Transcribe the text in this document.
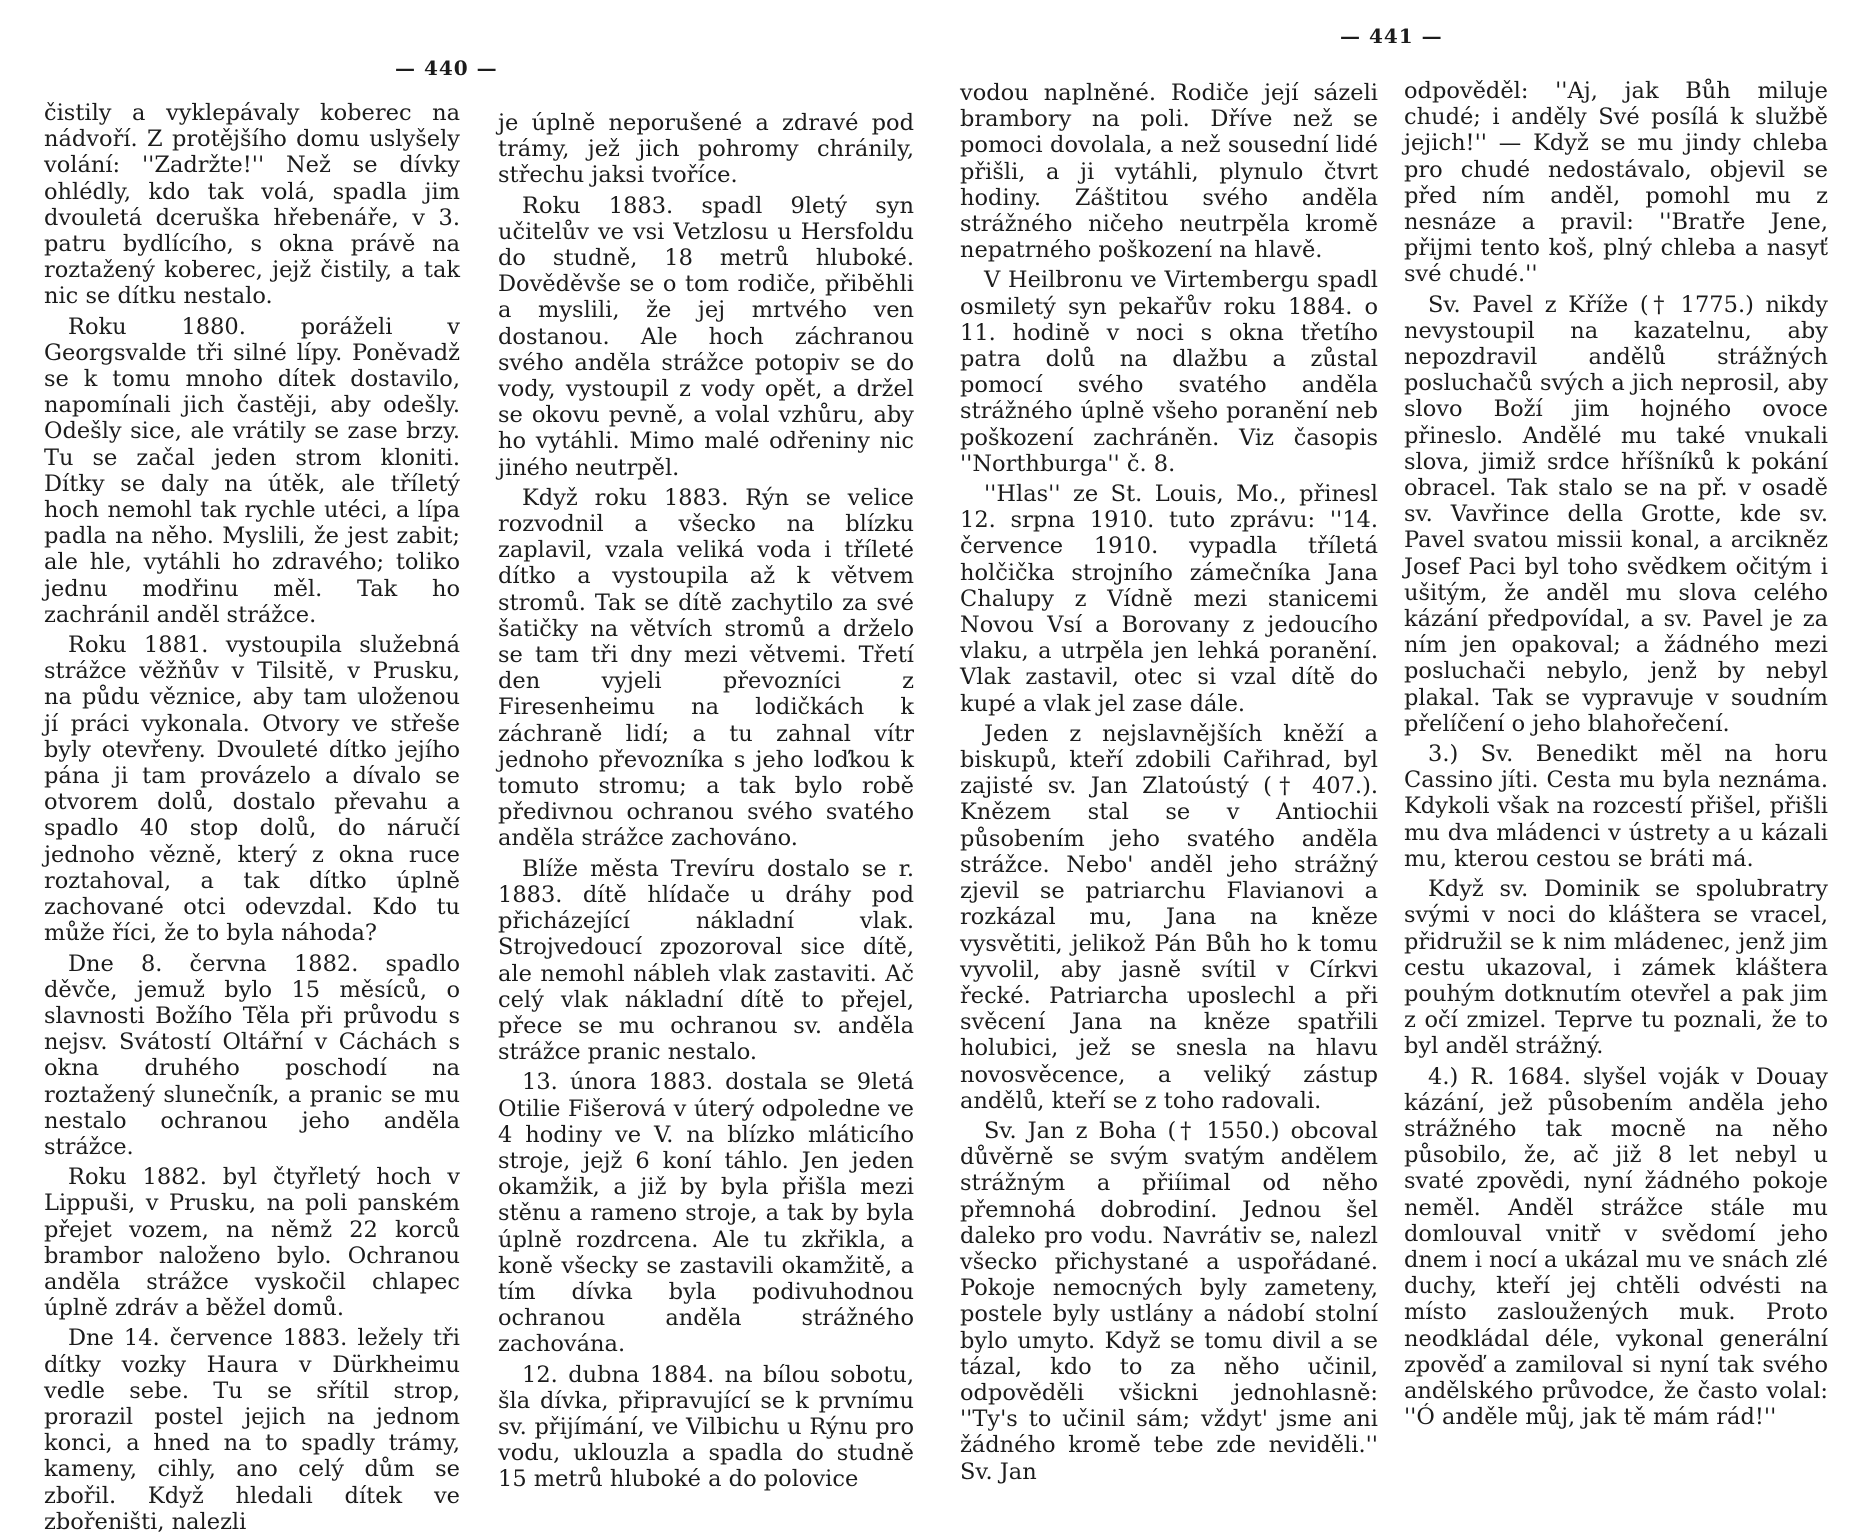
— 440 —
— 441 —

čistily a vyklepávaly koberec na nádvoří. Z protějšího domu uslyšely volání: ''Zadržte!'' Než se dívky ohlédly, kdo tak volá, spadla jim dvouletá dceruška hřebenáře, v 3. patru bydlícího, s okna právě na roztažený koberec, jejž čistily, a tak nic se dítku nestalo.

Roku 1880. poráželi v Georgsvalde tři silné lípy. Poněvadž se k tomu mnoho dítek dostavilo, napomínali jich častěji, aby odešly. Odešly sice, ale vrátily se zase brzy. Tu se začal jeden strom kloniti. Dítky se daly na útěk, ale tříletý hoch nemohl tak rychle utéci, a lípa padla na něho. Myslili, že jest zabit; ale hle, vytáhli ho zdravého; toliko jednu modřinu měl. Tak ho zachránil anděl strážce.

Roku 1881. vystoupila služebná strážce věžňův v Tilsitě, v Prusku, na půdu věznice, aby tam uloženou jí práci vykonala. Otvory ve střeše byly otevřeny. Dvouleté dítko jejího pána ji tam provázelo a dívalo se otvorem dolů, dostalo převahu a spadlo 40 stop dolů, do náručí jednoho vězně, který z okna ruce roztahoval, a tak dítko úplně zachované otci odevzdal. Kdo tu může říci, že to byla náhoda?

Dne 8. června 1882. spadlo děvče, jemuž bylo 15 měsíců, o slavnosti Božího Těla při průvodu s nejsv. Svátostí Oltářní v Cáchách s okna druhého poschodí na roztažený slunečník, a pranic se mu nestalo ochranou jeho anděla strážce.

Roku 1882. byl čtyřletý hoch v Lippuši, v Prusku, na poli panském přejet vozem, na němž 22 korců brambor naloženo bylo. Ochranou anděla strážce vyskočil chlapec úplně zdráv a běžel domů.

Dne 14. července 1883. ležely tři dítky vozky Haura v Dürkheimu vedle sebe. Tu se sřítil strop, prorazil postel jejich na jednom konci, a hned na to spadly trámy, kameny, cihly, ano celý dům se zbořil. Když hledali dítek ve zbořeništi, nalezli

je úplně neporušené a zdravé pod trámy, jež jich pohromy chránily, střechu jaksi tvoříce.

Roku 1883. spadl 9letý syn učitelův ve vsi Vetzlosu u Hersfoldu do studně, 18 metrů hluboké. Dověděvše se o tom rodiče, přiběhli a myslili, že jej mrtvého ven dostanou. Ale hoch záchranou svého anděla strážce potopiv se do vody, vystoupil z vody opět, a držel se okovu pevně, a volal vzhůru, aby ho vytáhli. Mimo malé odřeniny nic jiného neutrpěl.

Když roku 1883. Rýn se velice rozvodnil a všecko na blízku zaplavil, vzala veliká voda i tříleté dítko a vystoupila až k větvem stromů. Tak se dítě zachytilo za své šatičky na větvích stromů a drželo se tam tři dny mezi větvemi. Třetí den vyjeli převozníci z Firesenheimu na lodičkách k záchraně lidí; a tu zahnal vítr jednoho převozníka s jeho loďkou k tomuto stromu; a tak bylo robě předivnou ochranou svého svatého anděla strážce zachováno.

Blíže města Trevíru dostalo se r. 1883. dítě hlídače u dráhy pod přicházející nákladní vlak. Strojvedoucí zpozoroval sice dítě, ale nemohl nábleh vlak zastaviti. Ač celý vlak nákladní dítě to přejel, přece se mu ochranou sv. anděla strážce pranic nestalo.

13. února 1883. dostala se 9letá Otilie Fišerová v úterý odpoledne ve 4 hodiny ve V. na blízko mláticího stroje, jejž 6 koní táhlo. Jen jeden okamžik, a již by byla přišla mezi stěnu a rameno stroje, a tak by byla úplně rozdrcena. Ale tu zkřikla, a koně všecky se zastavili okamžitě, a tím dívka byla podivuhodnou ochranou anděla strážného zachována.

12. dubna 1884. na bílou sobotu, šla dívka, připravující se k prvnímu sv. přijímání, ve Vilbichu u Rýnu pro vodu, uklouzla a spadla do studně 15 metrů hluboké a do polovice

vodou naplněné. Rodiče její sázeli brambory na poli. Dříve než se pomoci dovolala, a než sousední lidé přišli, a ji vytáhli, plynulo čtvrt hodiny. Záštitou svého anděla strážného ničeho neutrpěla kromě nepatrného poškození na hlavě.

V Heilbronu ve Virtembergu spadl osmiletý syn pekařův roku 1884. o 11. hodině v noci s okna třetího patra dolů na dlažbu a zůstal pomocí svého svatého anděla strážného úplně všeho poranění neb poškození zachráněn. Viz časopis ''Northburga'' č. 8.

''Hlas'' ze St. Louis, Mo., přinesl 12. srpna 1910. tuto zprávu: ''14. července 1910. vypadla tříletá holčička strojního zámečníka Jana Chalupy z Vídně mezi stanicemi Novou Vsí a Borovany z jedoucího vlaku, a utrpěla jen lehká poranění. Vlak zastavil, otec si vzal dítě do kupé a vlak jel zase dále.

Jeden z nejslavnějších kněží a biskupů, kteří zdobili Cařihrad, byl zajisté sv. Jan Zlatoústý († 407.). Knězem stal se v Antiochii působením jeho svatého anděla strážce. Nebo' anděl jeho strážný zjevil se patriarchu Flavianovi a rozkázal mu, Jana na kněze vysvětiti, jelikož Pán Bůh ho k tomu vyvolil, aby jasně svítil v Církvi řecké. Patriarcha uposlechl a při svěcení Jana na kněze spatřili holubici, jež se snesla na hlavu novosvěcence, a veliký zástup andělů, kteří se z toho radovali.

Sv. Jan z Boha († 1550.) obcoval důvěrně se svým svatým andělem strážným a přiíimal od něho přemnohá dobrodiní. Jednou šel daleko pro vodu. Navrátiv se, nalezl všecko přichystané a uspořádané. Pokoje nemocných byly zameteny, postele byly ustlány a nádobí stolní bylo umyto. Když se tomu divil a se tázal, kdo to za něho učinil, odpověděli všickni jednohlasně: ''Ty's to učinil sám; vždyt' jsme ani žádného kromě tebe zde neviděli.'' Sv. Jan

odpověděl: ''Aj, jak Bůh miluje chudé; i anděly Své posílá k službě jejich!'' — Když se mu jindy chleba pro chudé nedostávalo, objevil se před ním anděl, pomohl mu z nesnáze a pravil: ''Bratře Jene, přijmi tento koš, plný chleba a nasyť své chudé.''

Sv. Pavel z Kříže († 1775.) nikdy nevystoupil na kazatelnu, aby nepozdravil andělů strážných posluchačů svých a jich neprosil, aby slovo Boží jim hojného ovoce přineslo. Andělé mu také vnukali slova, jimiž srdce hříšníků k pokání obracel. Tak stalo se na př. v osadě sv. Vavřince della Grotte, kde sv. Pavel svatou missii konal, a arcikněz Josef Paci byl toho svědkem očitým i ušitým, že anděl mu slova celého kázání předpovídal, a sv. Pavel je za ním jen opakoval; a žádného mezi posluchači nebylo, jenž by nebyl plakal. Tak se vypravuje v soudním přelíčení o jeho blahořečení.

3.) Sv. Benedikt měl na horu Cassino jíti. Cesta mu byla neznáma. Kdykoli však na rozcestí přišel, přišli mu dva mládenci v ústrety a u kázali mu, kterou cestou se bráti má.

Když sv. Dominik se spolubratry svými v noci do kláštera se vracel, přidružil se k nim mládenec, jenž jim cestu ukazoval, i zámek kláštera pouhým dotknutím otevřel a pak jim z očí zmizel. Teprve tu poznali, že to byl anděl strážný.

4.) R. 1684. slyšel voják v Douay kázání, jež působením anděla jeho strážného tak mocně na něho působilo, že, ač již 8 let nebyl u svaté zpovědi, nyní žádného pokoje neměl. Anděl strážce stále mu domlouval vnitř v svědomí jeho dnem i nocí a ukázal mu ve snách zlé duchy, kteří jej chtěli odvésti na místo zasloužených muk. Proto neodkládal déle, vykonal generální zpověď a zamiloval si nyní tak svého andělského průvodce, že často volal: ''Ó anděle můj, jak tě mám rád!''
